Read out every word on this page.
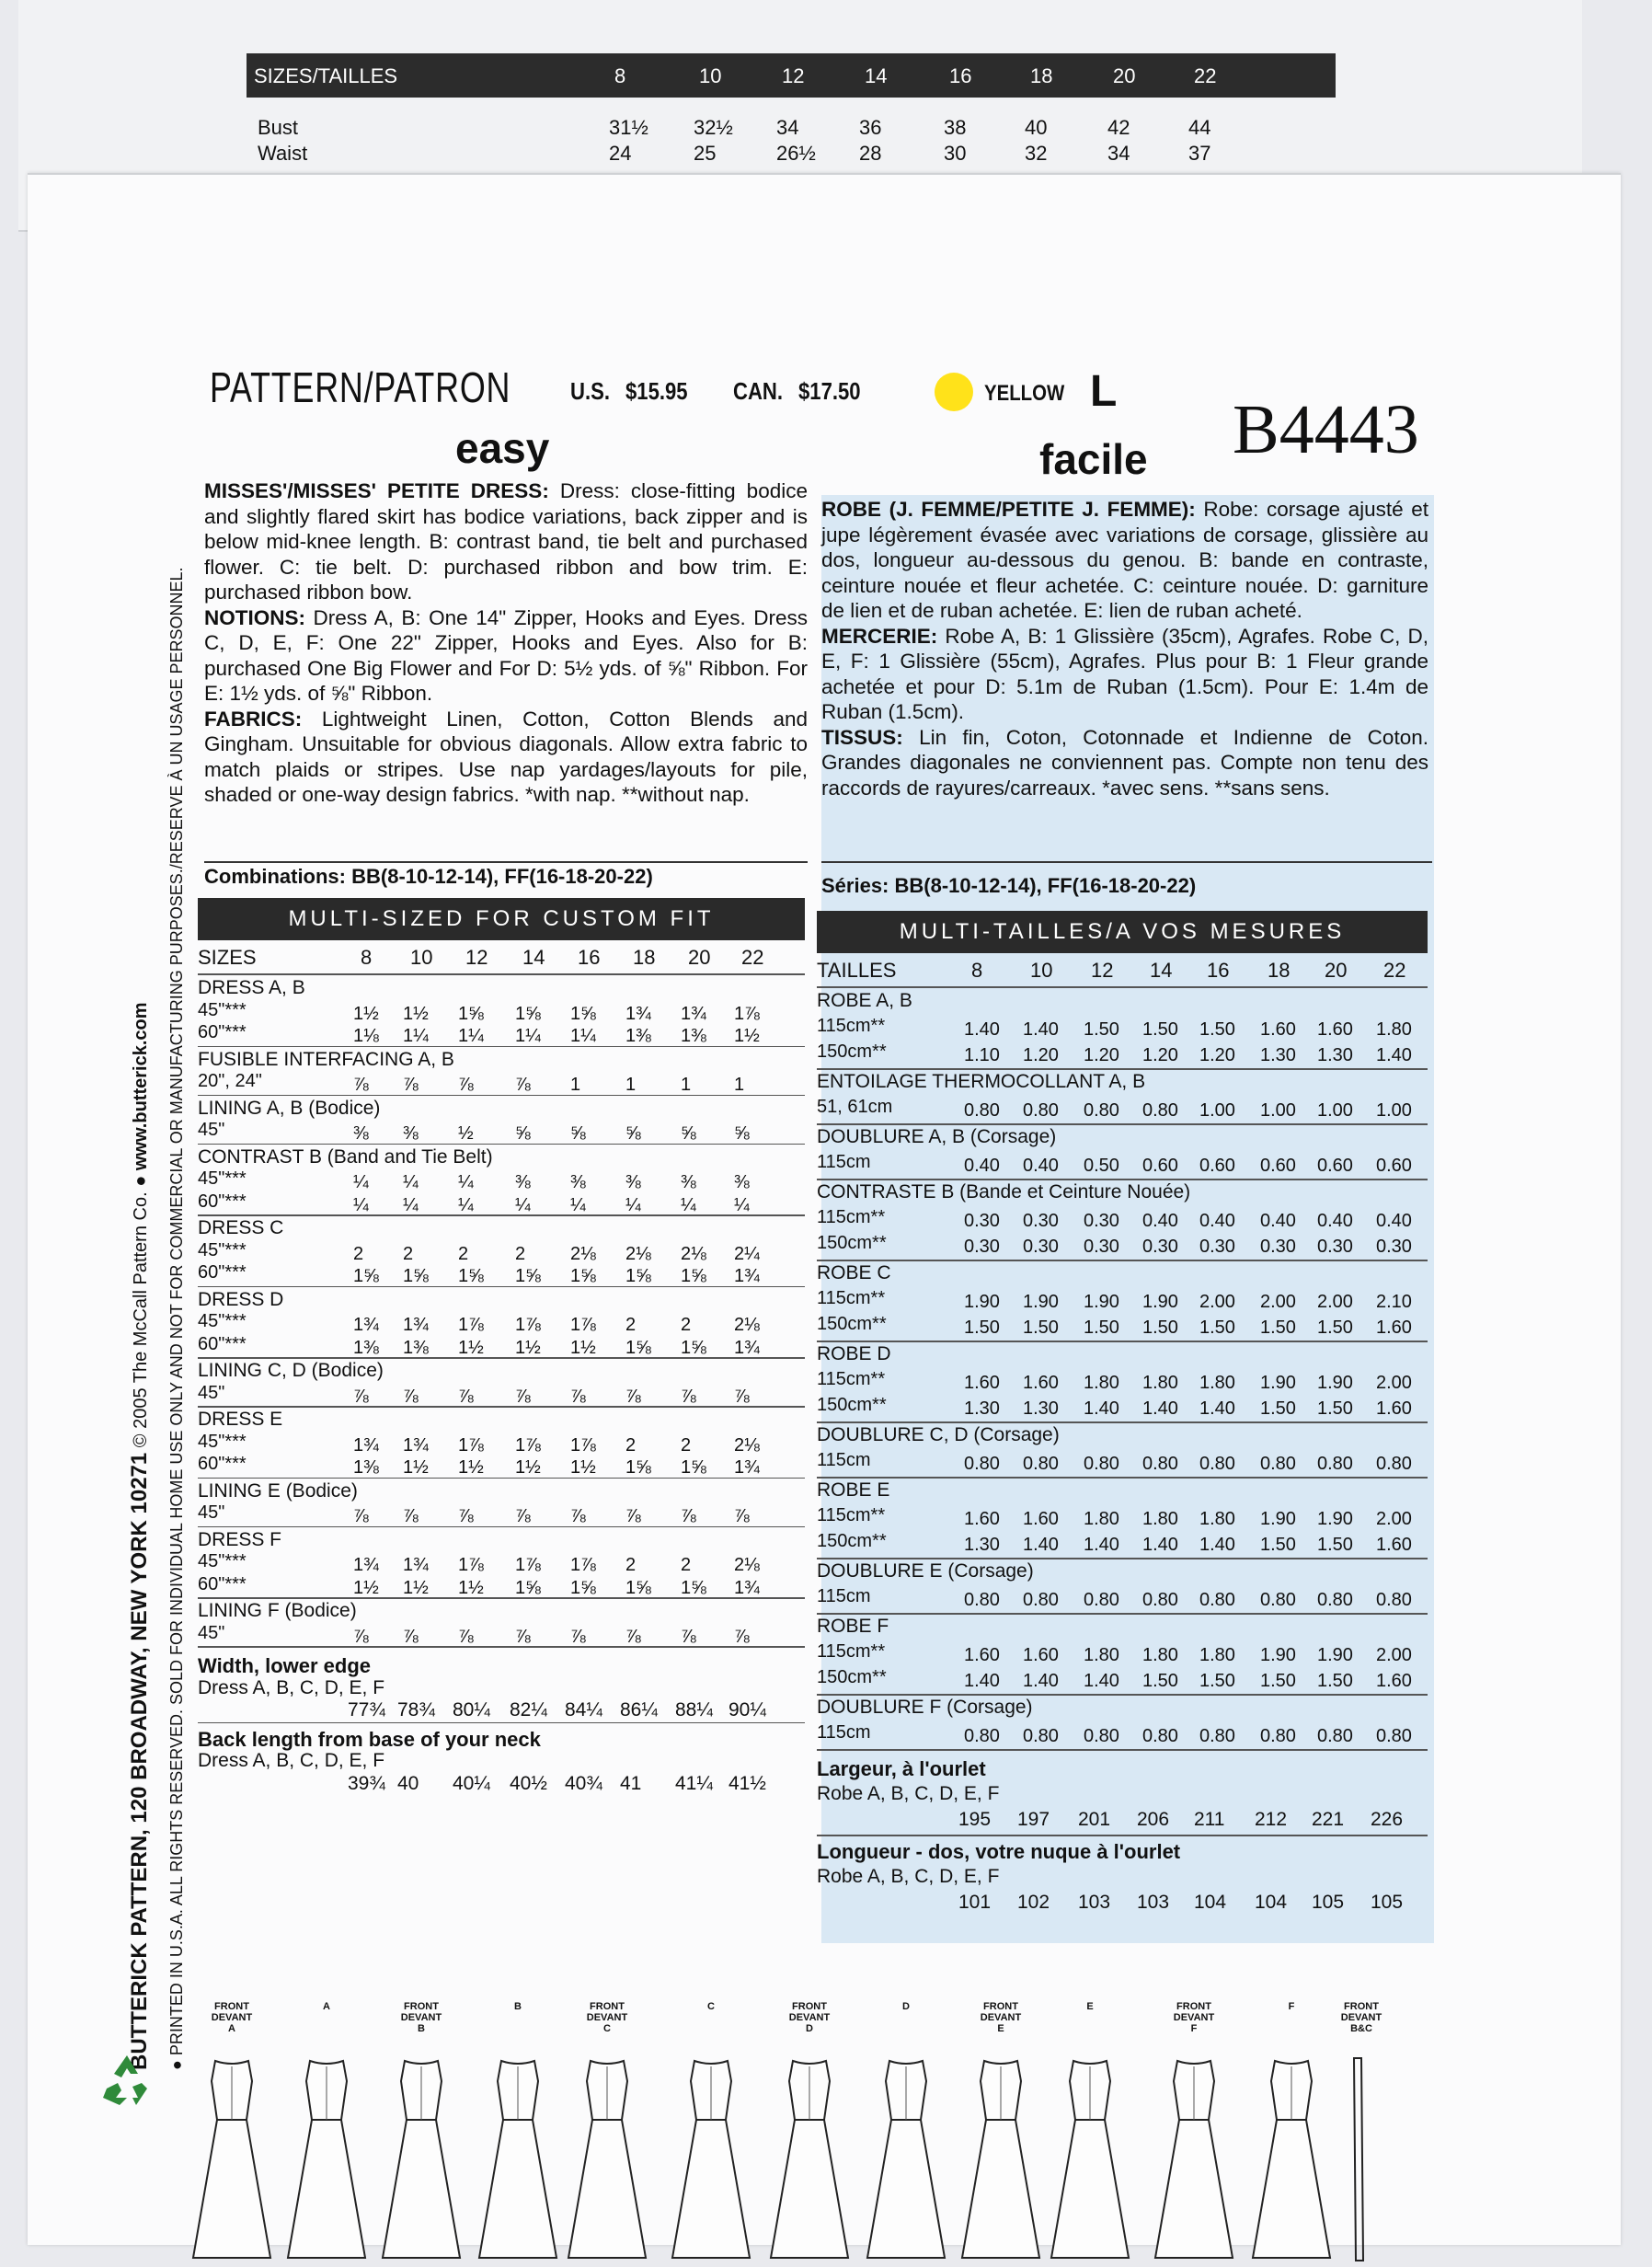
SIZES/TAILLES	8	10	12	14	16	18	20	22
Bust	31½ 32½ 34	36	38	40	42	44
Waist	24	25	26½ 28	30	32	34	37
BUTTERICK PATTERN, 120 BROADWAY, NEW YORK 10271 © 2005 The McCall Pattern Co. ● www.butterick.com
● PRINTED IN U.S.A. ALL RIGHTS RESERVED. SOLD FOR INDIVIDUAL HOME USE ONLY AND NOT FOR COMMERCIAL OR MANUFACTURING PURPOSES./RESERVE À UN USAGE PERSONNEL.
PATTERN/PATRON U.S. $15.95 CAN. $17.50	YELLOW L B4443
easy	facile
MISSES'/MISSES' PETITE DRESS: Dress: close-fitting bodice and slightly flared skirt has bodice variations, back zipper and is below mid-knee length. B: contrast band, tie belt and purchased flower. C: tie belt. D: purchased ribbon and bow trim. E: purchased ribbon bow.
NOTIONS: Dress A, B: One 14" Zipper, Hooks and Eyes. Dress C, D, E, F: One 22" Zipper, Hooks and Eyes. Also for B: purchased One Big Flower and For D: 5½ yds. of ⅝" Ribbon. For E: 1½ yds. of ⅝" Ribbon.
FABRICS: Lightweight Linen, Cotton, Cotton Blends and Gingham. Unsuitable for obvious diagonals. Allow extra fabric to match plaids or stripes. Use nap yardages/layouts for pile, shaded or one-way design fabrics. *with nap. **without nap.
Combinations: BB(8-10-12-14), FF(16-18-20-22)
ROBE (J. FEMME/PETITE J. FEMME): Robe: corsage ajusté et jupe légèrement évasée avec variations de corsage, glissière au dos, longueur au-dessous du genou. B: bande en contraste, ceinture nouée et fleur achetée. C: ceinture nouée. D: garniture de lien et de ruban achetée. E: lien de ruban acheté.
MERCERIE: Robe A, B: 1 Glissière (35cm), Agrafes. Robe C, D, E, F: 1 Glissière (55cm), Agrafes. Plus pour B: 1 Fleur grande achetée et pour D: 5.1m de Ruban (1.5cm). Pour E: 1.4m de Ruban (1.5cm).
TISSUS: Lin fin, Coton, Cotonnade et Indienne de Coton. Grandes diagonales ne conviennent pas. Compte non tenu des raccords de rayures/carreaux. *avec sens. **sans sens.
Séries: BB(8-10-12-14), FF(16-18-20-22)
MULTI-SIZED FOR CUSTOM FIT
SIZES	8 10 12 14 16 18 20 22
DRESS A, B
45"***	1½ 1½ 1⅝ 1⅝ 1⅝ 1¾ 1¾ 1⅞
60"***	1⅛ 1¼ 1¼ 1¼ 1¼ 1⅜ 1⅜ 1½
FUSIBLE INTERFACING A, B
20", 24"	⅞ ⅞ ⅞ ⅞ 1 1 1 1
LINING A, B (Bodice)
45"	⅜ ⅜ ½ ⅝ ⅝ ⅝ ⅝ ⅝
CONTRAST B (Band and Tie Belt)
45"***	¼ ¼ ¼ ⅜ ⅜ ⅜ ⅜ ⅜
60"***	¼ ¼ ¼ ¼ ¼ ¼ ¼ ¼
DRESS C
45"***	2 2 2	2 2⅛ 2⅛ 2⅛ 2¼
60"***	1⅝ 1⅝ 1⅝ 1⅝ 1⅝ 1⅝ 1⅝ 1¾
DRESS D
45"***	1¾ 1¾ 1⅞ 1⅞ 1⅞ 2 2 2⅛
60"***	1⅜ 1⅜ 1½ 1½ 1½ 1⅝ 1⅝ 1¾
LINING C, D (Bodice)
45"	⅞ ⅞ ⅞ ⅞ ⅞ ⅞ ⅞ ⅞
DRESS E
45"***	1¾ 1¾ 1⅞ 1⅞ 1⅞ 2 2 2⅛
60"***	1⅜ 1½ 1½ 1½ 1½ 1⅝ 1⅝ 1¾
LINING E (Bodice)
45"	⅞ ⅞ ⅞ ⅞ ⅞ ⅞ ⅞ ⅞
DRESS F
45"***	1¾ 1¾ 1⅞ 1⅞ 1⅞ 2 2 2⅛
60"***	1½ 1½ 1½ 1⅝ 1⅝ 1⅝ 1⅝ 1¾
LINING F (Bodice)
45"	⅞ ⅞ ⅞ ⅞ ⅞ ⅞ ⅞ ⅞
Width, lower edge
Dress A, B, C, D, E, F
77¾ 78¾ 80¼ 82¼ 84¼ 86¼ 88¼ 90¼
Back length from base of your neck
Dress A, B, C, D, E, F
39¾ 40 40¼ 40½ 40¾ 41 41¼ 41½
MULTI-TAILLES/A VOS MESURES
TAILLES	8 10 12 14 16 18 20 22
ROBE A, B
115cm**	1.40 1.40 1.50 1.50 1.50 1.60 1.60 1.80
150cm**	1.10 1.20 1.20 1.20 1.20 1.30 1.30 1.40
ENTOILAGE THERMOCOLLANT A, B
51, 61cm	0.80 0.80 0.80 0.80 1.00 1.00 1.00 1.00
DOUBLURE A, B (Corsage)
115cm	0.40 0.40 0.50 0.60 0.60 0.60 0.60 0.60
CONTRASTE B (Bande et Ceinture Nouée)
115cm**	0.30 0.30 0.30 0.40 0.40 0.40 0.40 0.40
150cm**	0.30 0.30 0.30 0.30 0.30 0.30 0.30 0.30
ROBE C
115cm**	1.90 1.90 1.90 1.90 2.00 2.00 2.00 2.10
150cm**	1.50 1.50 1.50 1.50 1.50 1.50 1.50 1.60
ROBE D
115cm**	1.60 1.60 1.80 1.80 1.80 1.90 1.90 2.00
150cm**	1.30 1.30 1.40 1.40 1.40 1.50 1.50 1.60
DOUBLURE C, D (Corsage)
115cm	0.80 0.80 0.80 0.80 0.80 0.80 0.80 0.80
ROBE E
115cm**	1.60 1.60 1.80 1.80 1.80 1.90 1.90 2.00
150cm**	1.30 1.40 1.40 1.40 1.40 1.50 1.50 1.60
DOUBLURE E (Corsage)
115cm	0.80 0.80 0.80 0.80 0.80 0.80 0.80 0.80
ROBE F
115cm**	1.60 1.60 1.80 1.80 1.80 1.90 1.90 2.00
150cm**	1.40 1.40 1.40 1.50 1.50 1.50 1.50 1.60
DOUBLURE F (Corsage)
115cm	0.80 0.80 0.80 0.80 0.80 0.80 0.80 0.80
Largeur, à l'ourlet
Robe A, B, C, D, E, F
195 197 201 206 211 212 221 226
Longueur - dos, votre nuque à l'ourlet
Robe A, B, C, D, E, F
101 102 103 103 104 104 105 105
FRONT
DEVANT
A
A	FRONT
DEVANT
B
B	FRONT
DEVANT
C
C	FRONT
DEVANT
D
D	FRONT
DEVANT
E
E	FRONT
DEVANT
F
F	FRONT
DEVANT
B&C
